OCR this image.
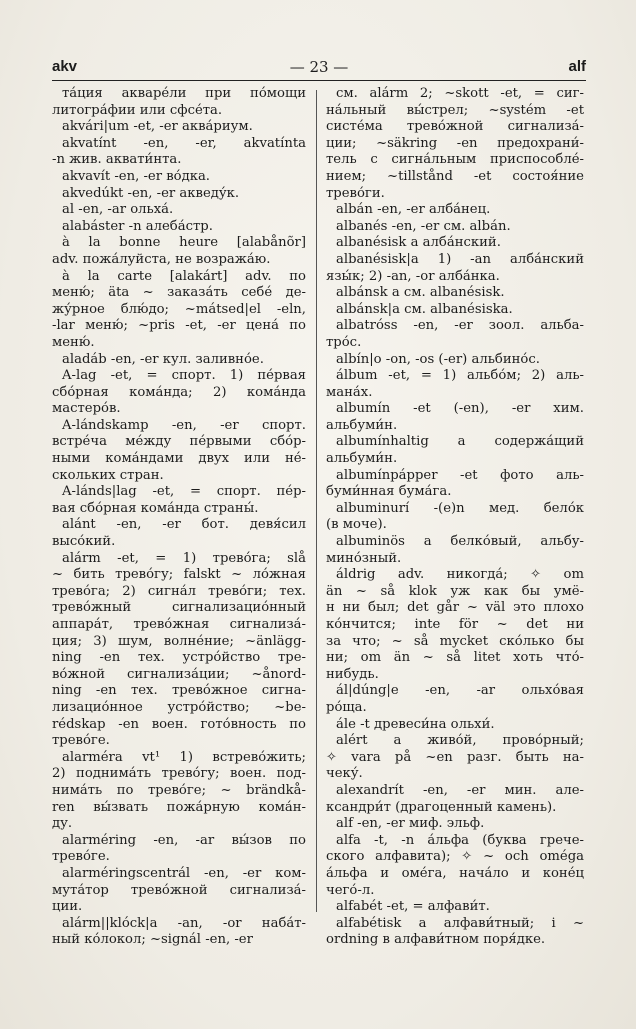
akv	— 23 —	alf
та́ция акваре́ли при по́мощи
литогра́фии или сфсе́та.
akvári|um -et, -er аква́риум.
akvatínt -en, -er, akvatínta
-n жив. аквати́нта.
akvavít -en, -er во́дка.
akvedúkt -en, -er акведу́к.
al -en, -ar ольха́.
alabáster -n алеба́стр.
à la bonne heure [alabånõr]
adv. пожа́луйста, не возража́ю.
à la carte [alakárt] adv. по
меню́; äta ~ заказа́ть себе́ де-
жу́рное блю́до; ~mátsed|el -eln,
-lar меню́; ~pris -et, -er цена́ по
меню́.
aladáb -en, -er кул. заливно́е.
A-lag -et, = спорт. 1) пе́рвая
сбо́рная кома́нда; 2) кома́нда
мастеро́в.
A-lándskamp -en, -er спорт.
встре́ча ме́жду пе́рвыми сбо́р-
ными кома́ндами двух или не́-
скольких стран.
A-lánds|lag -et, = спорт. пе́р-
вая сбо́рная кома́нда страны́.
alánt -en, -er бот. девя́сил
высо́кий.
alárm -et, = 1) трево́га; slå
~ бить трево́гу; falskt ~ ло́жная
трево́га; 2) сигна́л трево́ги; тех.
трево́жный сигнализацио́нный
аппара́т, трево́жная сигнализа́-
ция; 3) шум, волне́ние; ~änlägg-
ning -en тех. устро́йство тре-
во́жной сигнализа́ции; ~ånord-
ning -en тех. трево́жное сигна-
лизацио́нное устро́йство; ~be-
rédskap -en воен. гото́вность по
трево́ге.
alarméra vt¹ 1) встрево́жить;
2) поднима́ть трево́гу; воен. под-
нима́ть по трево́ге; ~ brändkå-
ren вы́звать пожа́рную кома́н-
ду.
alarméring -en, -ar вы́зов по
трево́ге.
alarméringscentrál -en, -er ком-
мута́тор трево́жной сигнализа́-
ции.
alárm||klóck|a -an, -or наба́т-
ный ко́локол; ~signál -en, -er
см. alárm 2; ~skott -et, = сиг-
на́льный вы́стрел; ~systém -et
систе́ма трево́жной сигнализа́-
ции; ~säkring -en предохрани́-
тель с сигна́льным приспособле́-
нием; ~tillstånd -et состоя́ние
трево́ги.
albán -en, -er алба́нец.
albanés -en, -er см. albán.
albanésisk a алба́нский.
albanésisk|a 1) -an алба́нский
язы́к; 2) -an, -or алба́нка.
albánsk a см. albanésisk.
albánsk|a см. albanésiska.
albatróss -en, -er зоол. альба-
тро́с.
albín|o -on, -os (-er) альбино́с.
álbum -et, = 1) альбо́м; 2) аль-
мана́х.
albumín -et (-en), -er хим.
альбуми́н.
albumínhaltig a содержа́щий
альбуми́н.
albumínpápper -et фото аль-
буми́нная бума́га.
albuminurí -(e)n мед. бело́к
(в моче).
albuminös a белко́вый, альбу-
мино́зный.
áldrig adv. никогда́; ✧ om
än ~ så klok уж как бы умё-
н ни был; det går ~ väl это плохо
ко́нчится; inte för ~ det ни
за что; ~ så mycket ско́лько бы
ни; om än ~ så litet хоть что́-
нибудь.
ál|dúng|e -en, -ar ольхо́вая
ро́ща.
ále -t древеси́на ольхи́.
alért a живо́й, прово́рный;
✧ vara på ~en разг. быть на-
чеку́.
alexandrít -en, -er мин. але-
ксандри́т (драгоценный камень).
alf -en, -er миф. эльф.
alfa -t, -n а́льфа (буква грече-
ского алфавита); ✧ ~ och oméga
а́льфа и оме́га, нача́ло и коне́ц
чего́-л.
alfabét -et, = алфави́т.
alfabétisk a алфави́тный; i ~
ordning в алфави́тном поря́дке.
